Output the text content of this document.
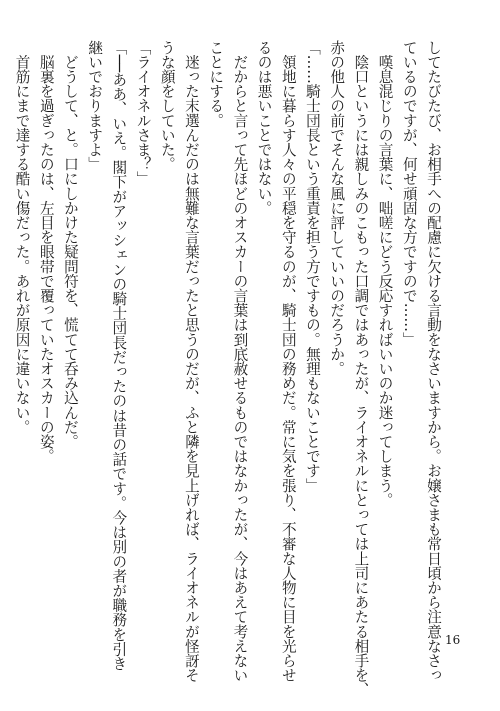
してたびたび、お相手への配慮に欠ける言動をなさいますから。お嬢さまも常日頃から注意なさっ
ているのですが、何せ頑固な方ですので……」
　嘆息混じりの言葉に、咄嗟にどう反応すればいいのか迷ってしまう。
　陰口というには親しみのこもった口調ではあったが、ライオネルにとっては上司にあたる相手を、
赤の他人の前でそんな風に評していいのだろうか。
「……騎士団長という重責を担う方ですもの。無理もないことです」
　領地に暮らす人々の平穏を守るのが、騎士団の務めだ。常に気を張り、不審な人物に目を光らせ
るのは悪いことではない。
　だからと言って先ほどのオスカーの言葉は到底赦せるものではなかったが、今はあえて考えない
ことにする。
　迷った末選んだのは無難な言葉だったと思うのだが、ふと隣を見上げれば、ライオネルが怪訝そ
うな顔をしていた。
「ライオネルさま？」
「──ああ、いえ。閣下がアッシェンの騎士団長だったのは昔の話です。今は別の者が職務を引き
継いでおりますよ」
　どうして、と。口にしかけた疑問符を、慌てて呑み込んだ。
　脳裏を過ぎったのは、左目を眼帯で覆っていたオスカーの姿。
　首筋にまで達する酷い傷だった。あれが原因に違いない。
16
